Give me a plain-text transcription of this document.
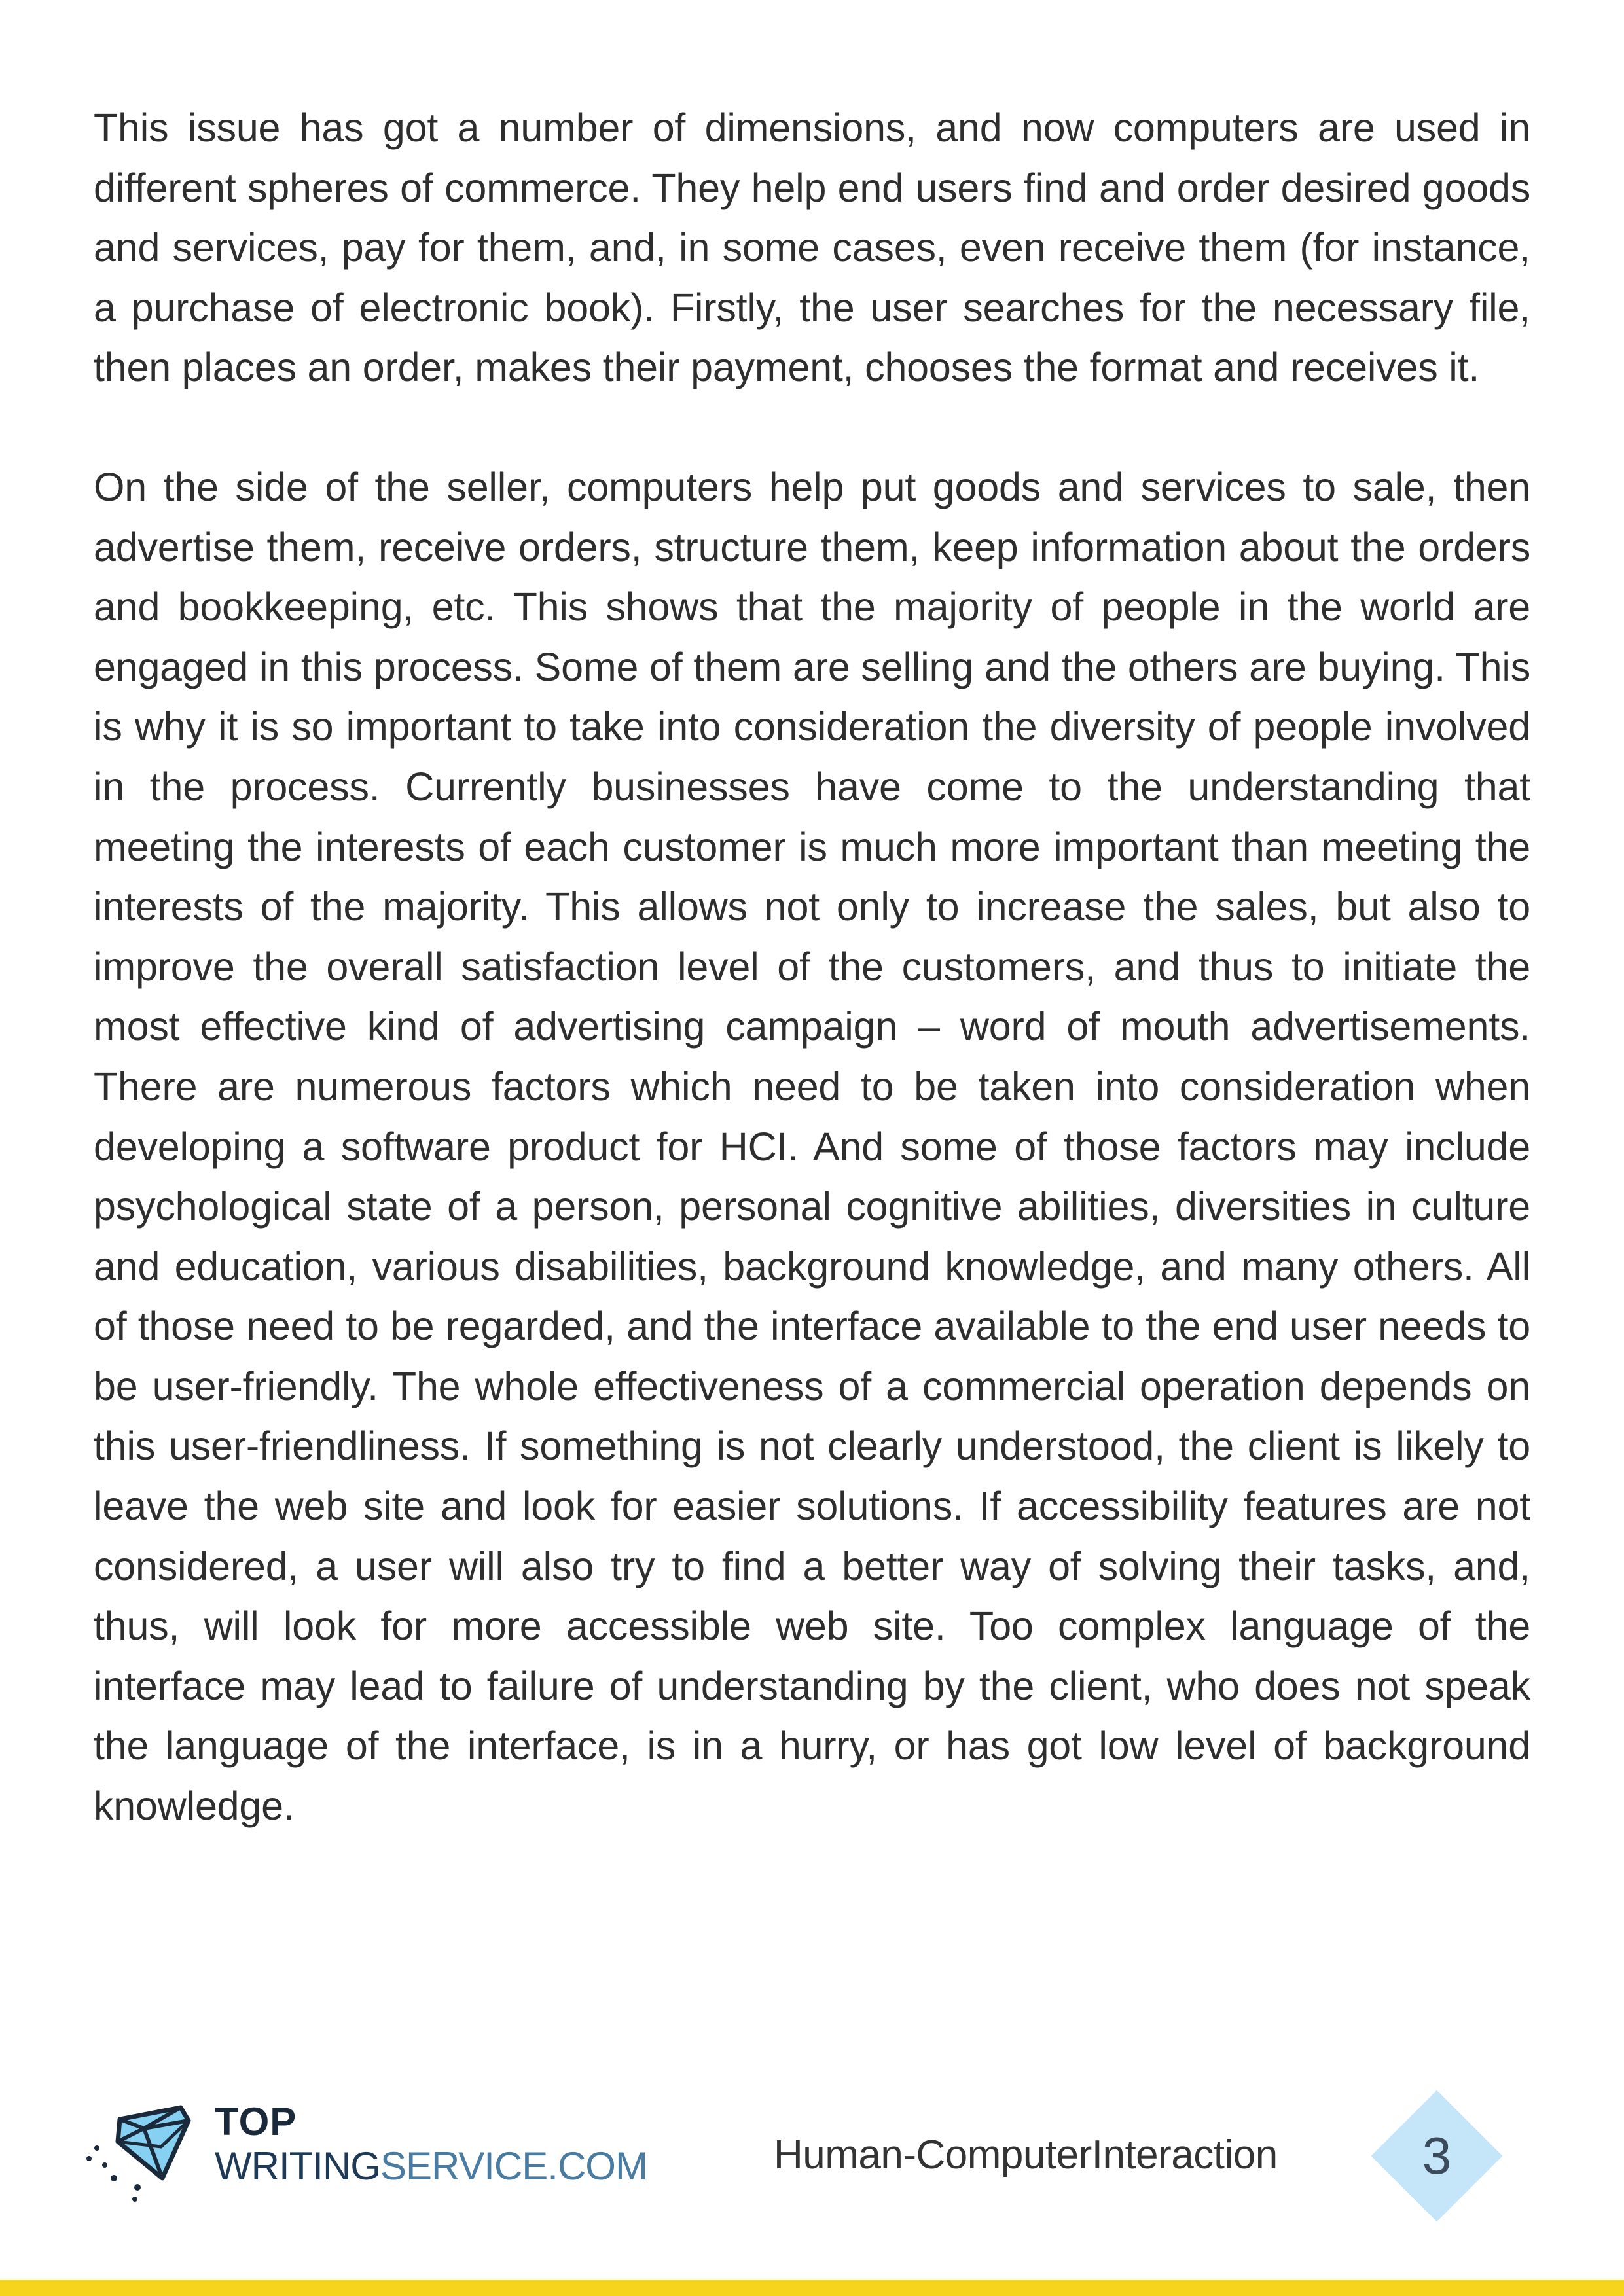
This issue has got a number of dimensions, and now computers are used in different spheres of commerce. They help end users find and order desired goods and services, pay for them, and, in some cases, even receive them (for instance, a purchase of electronic book). Firstly, the user searches for the necessary file, then places an order, makes their payment, chooses the format and receives it.

On the side of the seller, computers help put goods and services to sale, then advertise them, receive orders, structure them, keep information about the orders and bookkeeping, etc. This shows that the majority of people in the world are engaged in this process. Some of them are selling and the others are buying. This is why it is so important to take into consideration the diversity of people involved in the process. Currently businesses have come to the understanding that meeting the interests of each customer is much more important than meeting the interests of the majority. This allows not only to increase the sales, but also to improve the overall satisfaction level of the customers, and thus to initiate the most effective kind of advertising campaign – word of mouth advertisements. There are numerous factors which need to be taken into consideration when developing a software product for HCI. And some of those factors may include psychological state of a person, personal cognitive abilities, diversities in culture and education, various disabilities, background knowledge, and many others. All of those need to be regarded, and the interface available to the end user needs to be user-friendly. The whole effectiveness of a commercial operation depends on this user-friendliness. If something is not clearly understood, the client is likely to leave the web site and look for easier solutions. If accessibility features are not considered, a user will also try to find a better way of solving their tasks, and, thus, will look for more accessible web site. Too complex language of the interface may lead to failure of understanding by the client, who does not speak the language of the interface, is in a hurry, or has got low level of background knowledge.

TOP
WRITINGSERVICE.COM	Human-ComputerInteraction	3
